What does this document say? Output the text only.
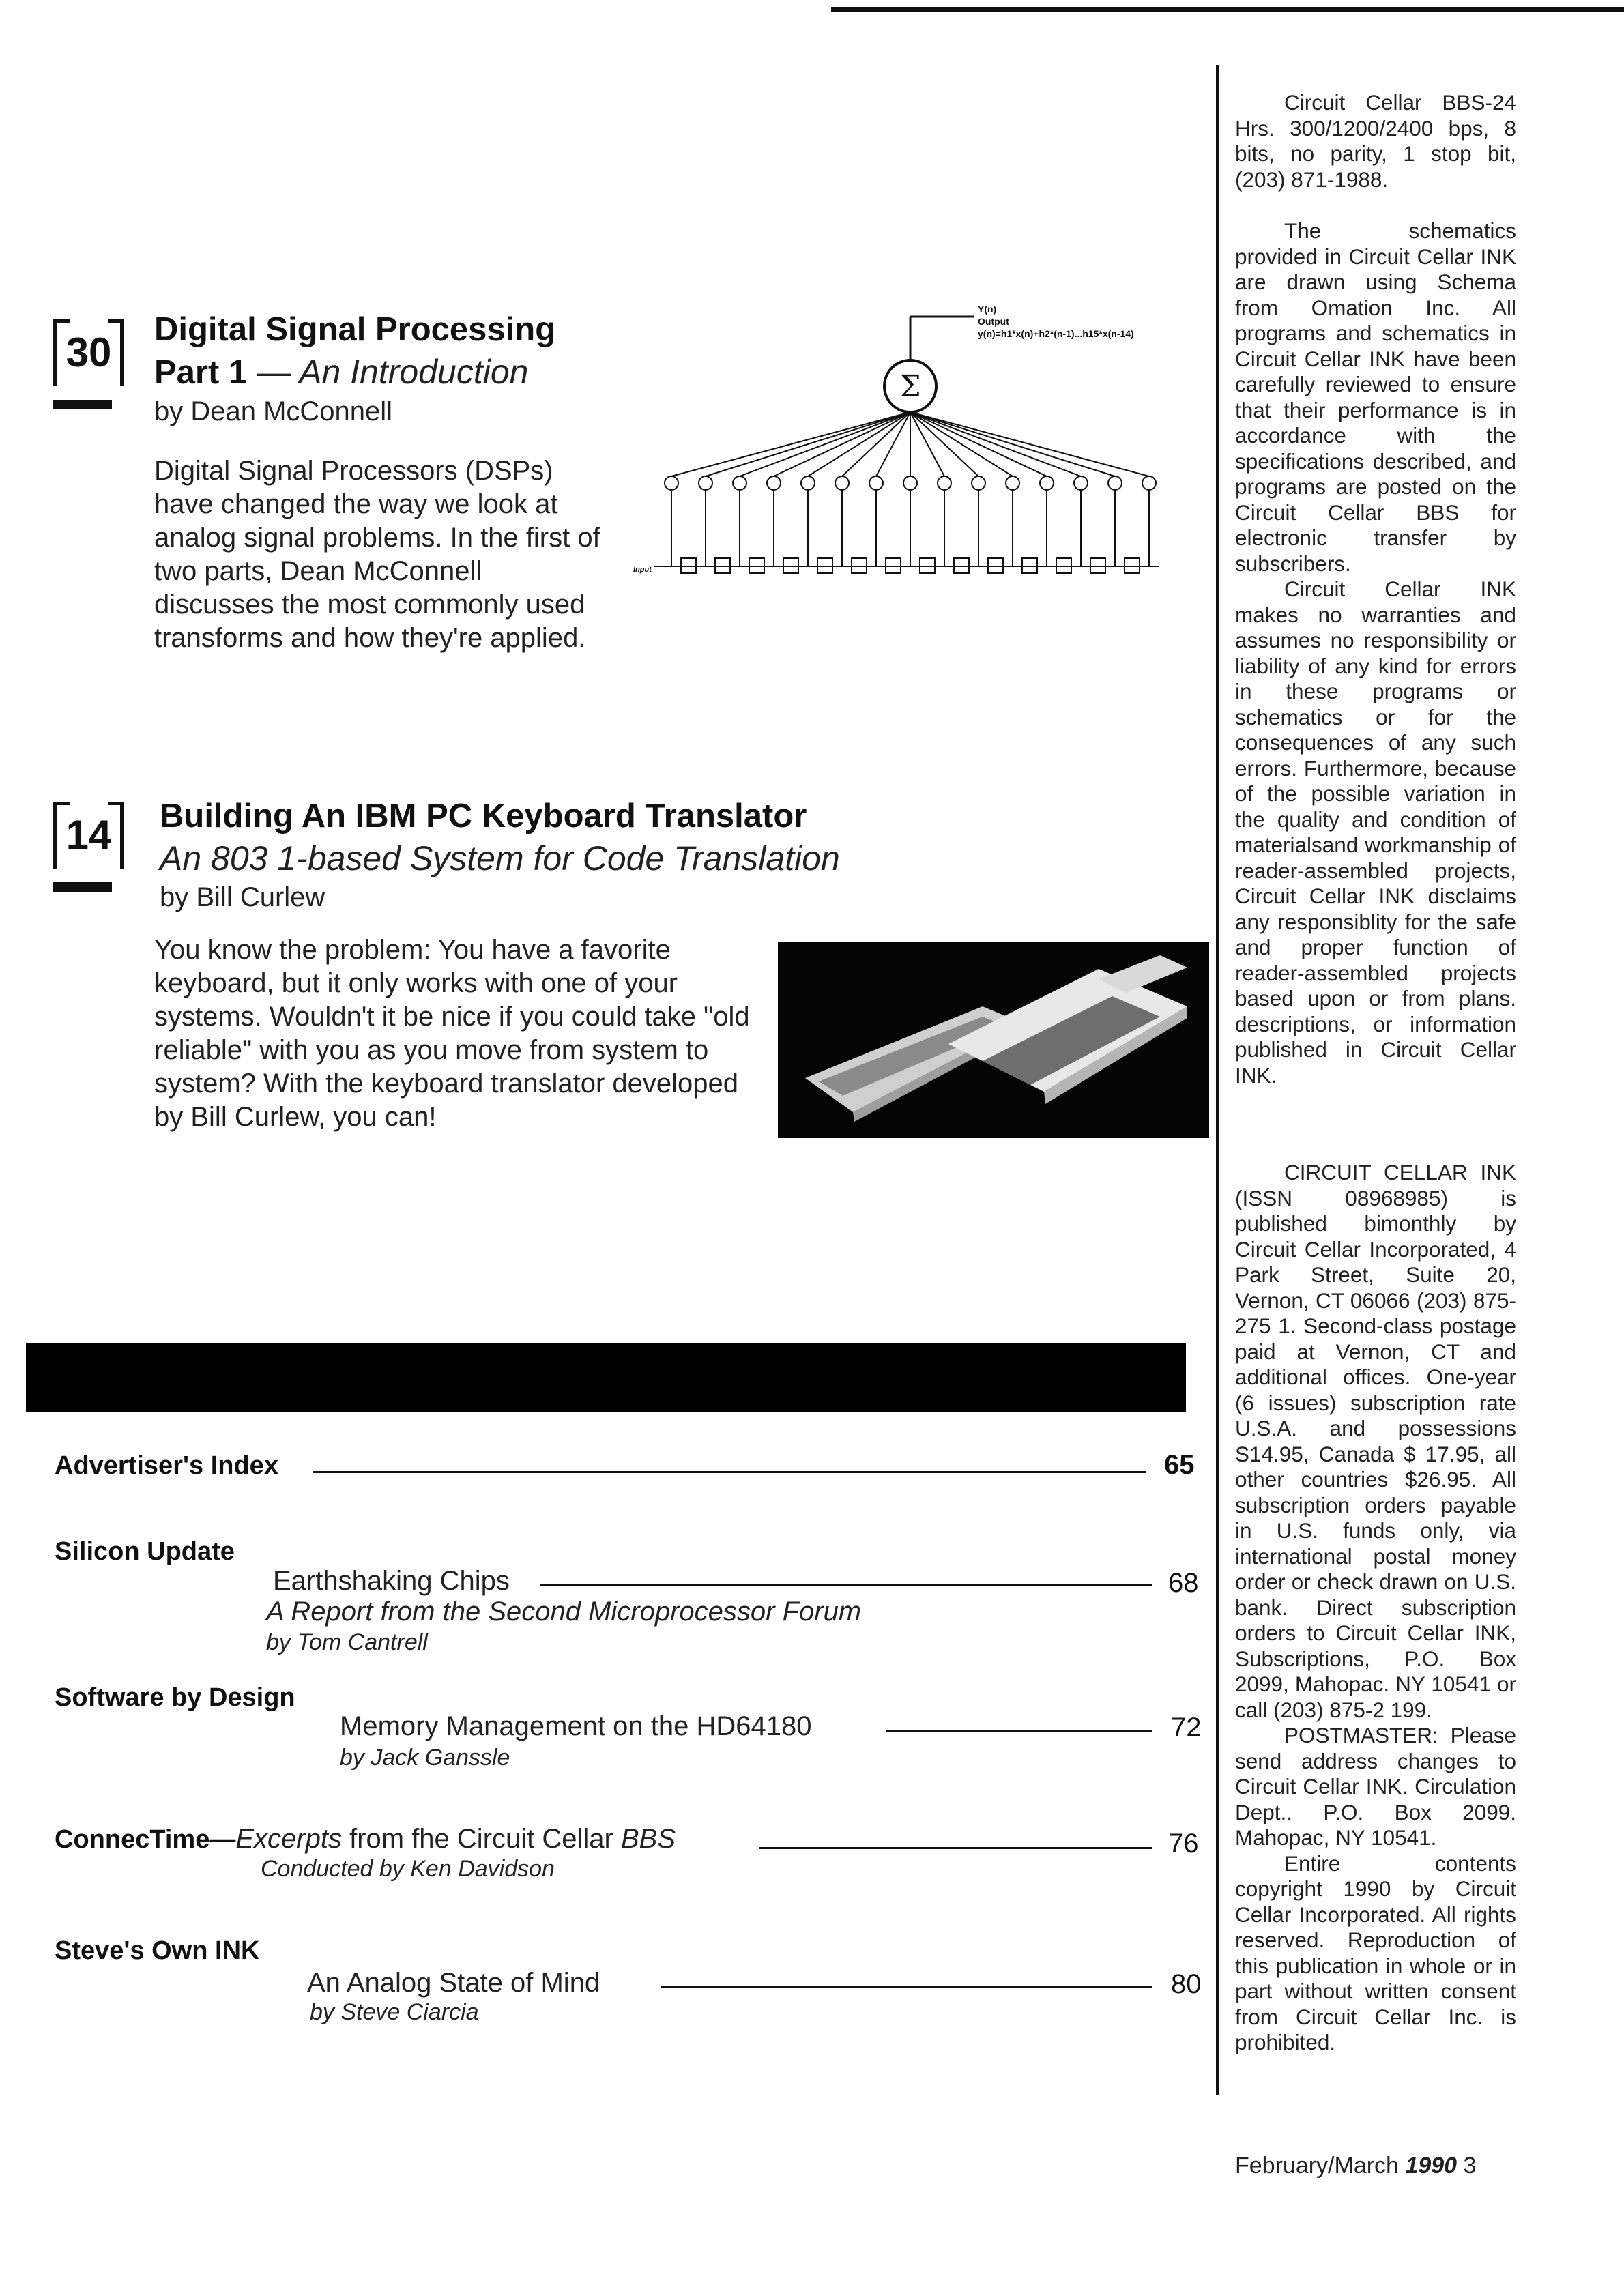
30	Digital Signal Processing
Part 1 — An Introduction
by Dean McConnell
Digital Signal Processors (DSPs) have changed the way we look at analog signal problems. In the first of two parts, Dean McConnell discusses the most commonly used transforms and how they're applied.
Σ
Y(n)
Output
y(n)=h1*x(n)+h2*(n-1)...h15*x(n-14)
Input
14	Building An IBM PC Keyboard Translator
An 803 1-based System for Code Translation
by Bill Curlew
You know the problem: You have a favorite keyboard, but it only works with one of your systems. Wouldn't it be nice if you could take "old reliable" with you as you move from system to system? With the keyboard translator developed by Bill Curlew, you can!
Advertiser's Index	65
Silicon Update
Earthshaking Chips	68
A Report from the Second Microprocessor Forum
by Tom Cantrell
Software by Design
Memory Management on the HD64180	72
by Jack Ganssle
ConnecTime—Excerpts from fhe Circuit Cellar BBS	76
Conducted by Ken Davidson
Steve's Own INK
An Analog State of Mind	80
by Steve Ciarcia

Circuit Cellar BBS-24 Hrs. 300/1200/2400 bps, 8 bits, no parity, 1 stop bit, (203) 871-1988.

The schematics provided in Circuit Cellar INK are drawn using Schema from Omation Inc. All programs and schematics in Circuit Cellar INK have been carefully reviewed to ensure that their performance is in accordance with the specifications described, and programs are posted on the Circuit Cellar BBS for electronic transfer by subscribers.

Circuit Cellar INK makes no warranties and assumes no responsibility or liability of any kind for errors in these programs or schematics or for the consequences of any such errors. Furthermore, because of the possible variation in the quality and condition of materialsand workmanship of reader-assembled projects, Circuit Cellar INK disclaims any responsiblity for the safe and proper function of reader-assembled projects based upon or from plans. descriptions, or information published in Circuit Cellar INK.

CIRCUIT CELLAR INK (ISSN 08968985) is published bimonthly by Circuit Cellar Incorporated, 4 Park Street, Suite 20, Vernon, CT 06066 (203) 875-275 1. Second-class postage paid at Vernon, CT and additional offices. One-year (6 issues) subscription rate U.S.A. and possessions S14.95, Canada $ 17.95, all other countries $26.95. All subscription orders payable in U.S. funds only, via international postal money order or check drawn on U.S. bank. Direct subscription orders to Circuit Cellar INK, Subscriptions, P.O. Box 2099, Mahopac. NY 10541 or call (203) 875-2 199.

POSTMASTER: Please send address changes to Circuit Cellar INK. Circulation Dept.. P.O. Box 2099. Mahopac, NY 10541.

Entire contents copyright 1990 by Circuit Cellar Incorporated. All rights reserved. Reproduction of this publication in whole or in part without written consent from Circuit Cellar Inc. is prohibited.

February/March 1990 3
